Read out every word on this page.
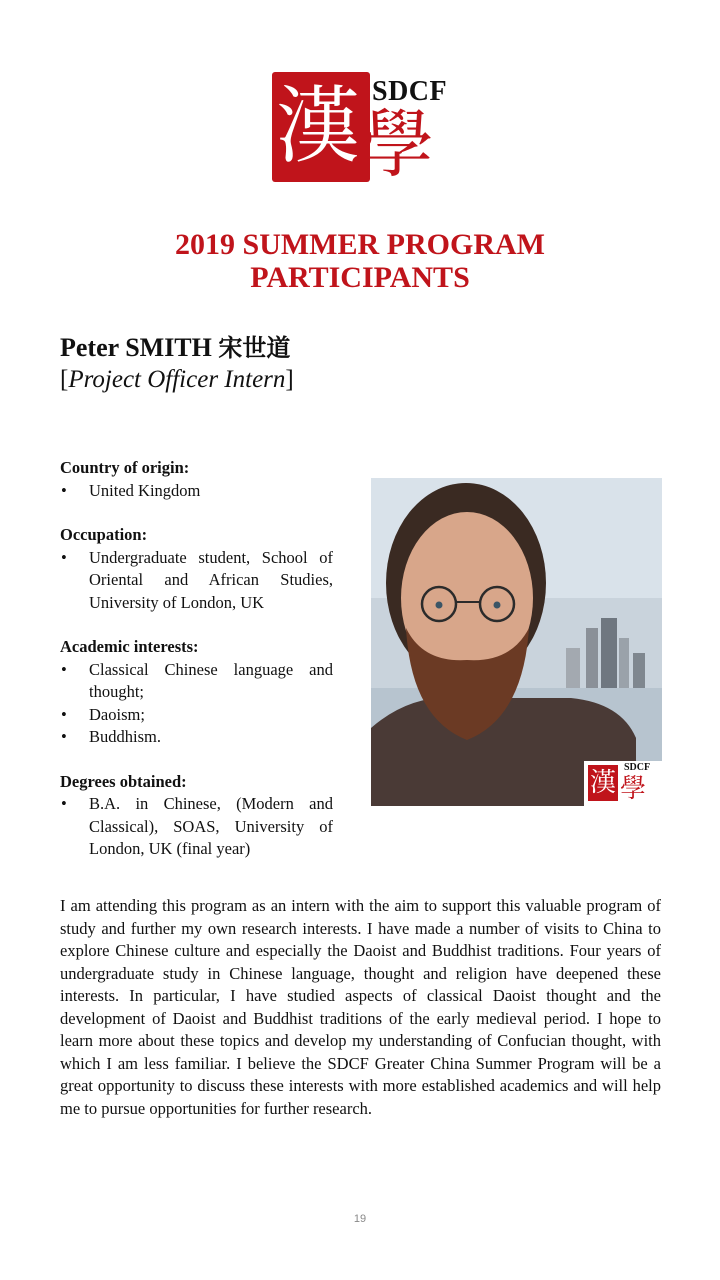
漢 學
SDCF
2019 SUMMER PROGRAM
PARTICIPANTS
Peter SMITH 宋世道
[Project Officer Intern]

Country of origin:

• United Kingdom

Occupation:

• Undergraduate student, School of Oriental and African Studies, University of London, UK

Academic interests:

• Classical Chinese language and thought;
• Daoism;
• Buddhism.

Degrees obtained:

• B.A. in Chinese, (Modern and Classical), SOAS, University of London, UK (final year)
漢 學
SDCF

I am attending this program as an intern with the aim to support this valuable program of study and further my own research interests. I have made a number of visits to China to explore Chinese culture and especially the Daoist and Buddhist traditions. Four years of undergraduate study in Chinese language, thought and religion have deepened these interests. In particular, I have studied aspects of classical Daoist thought and the development of Daoist and Buddhist traditions of the early medieval period. I hope to learn more about these topics and develop my understanding of Confucian thought, with which I am less familiar. I believe the SDCF Greater China Summer Program will be a great opportunity to discuss these interests with more established academics and will help me to pursue opportunities for further research.

19
